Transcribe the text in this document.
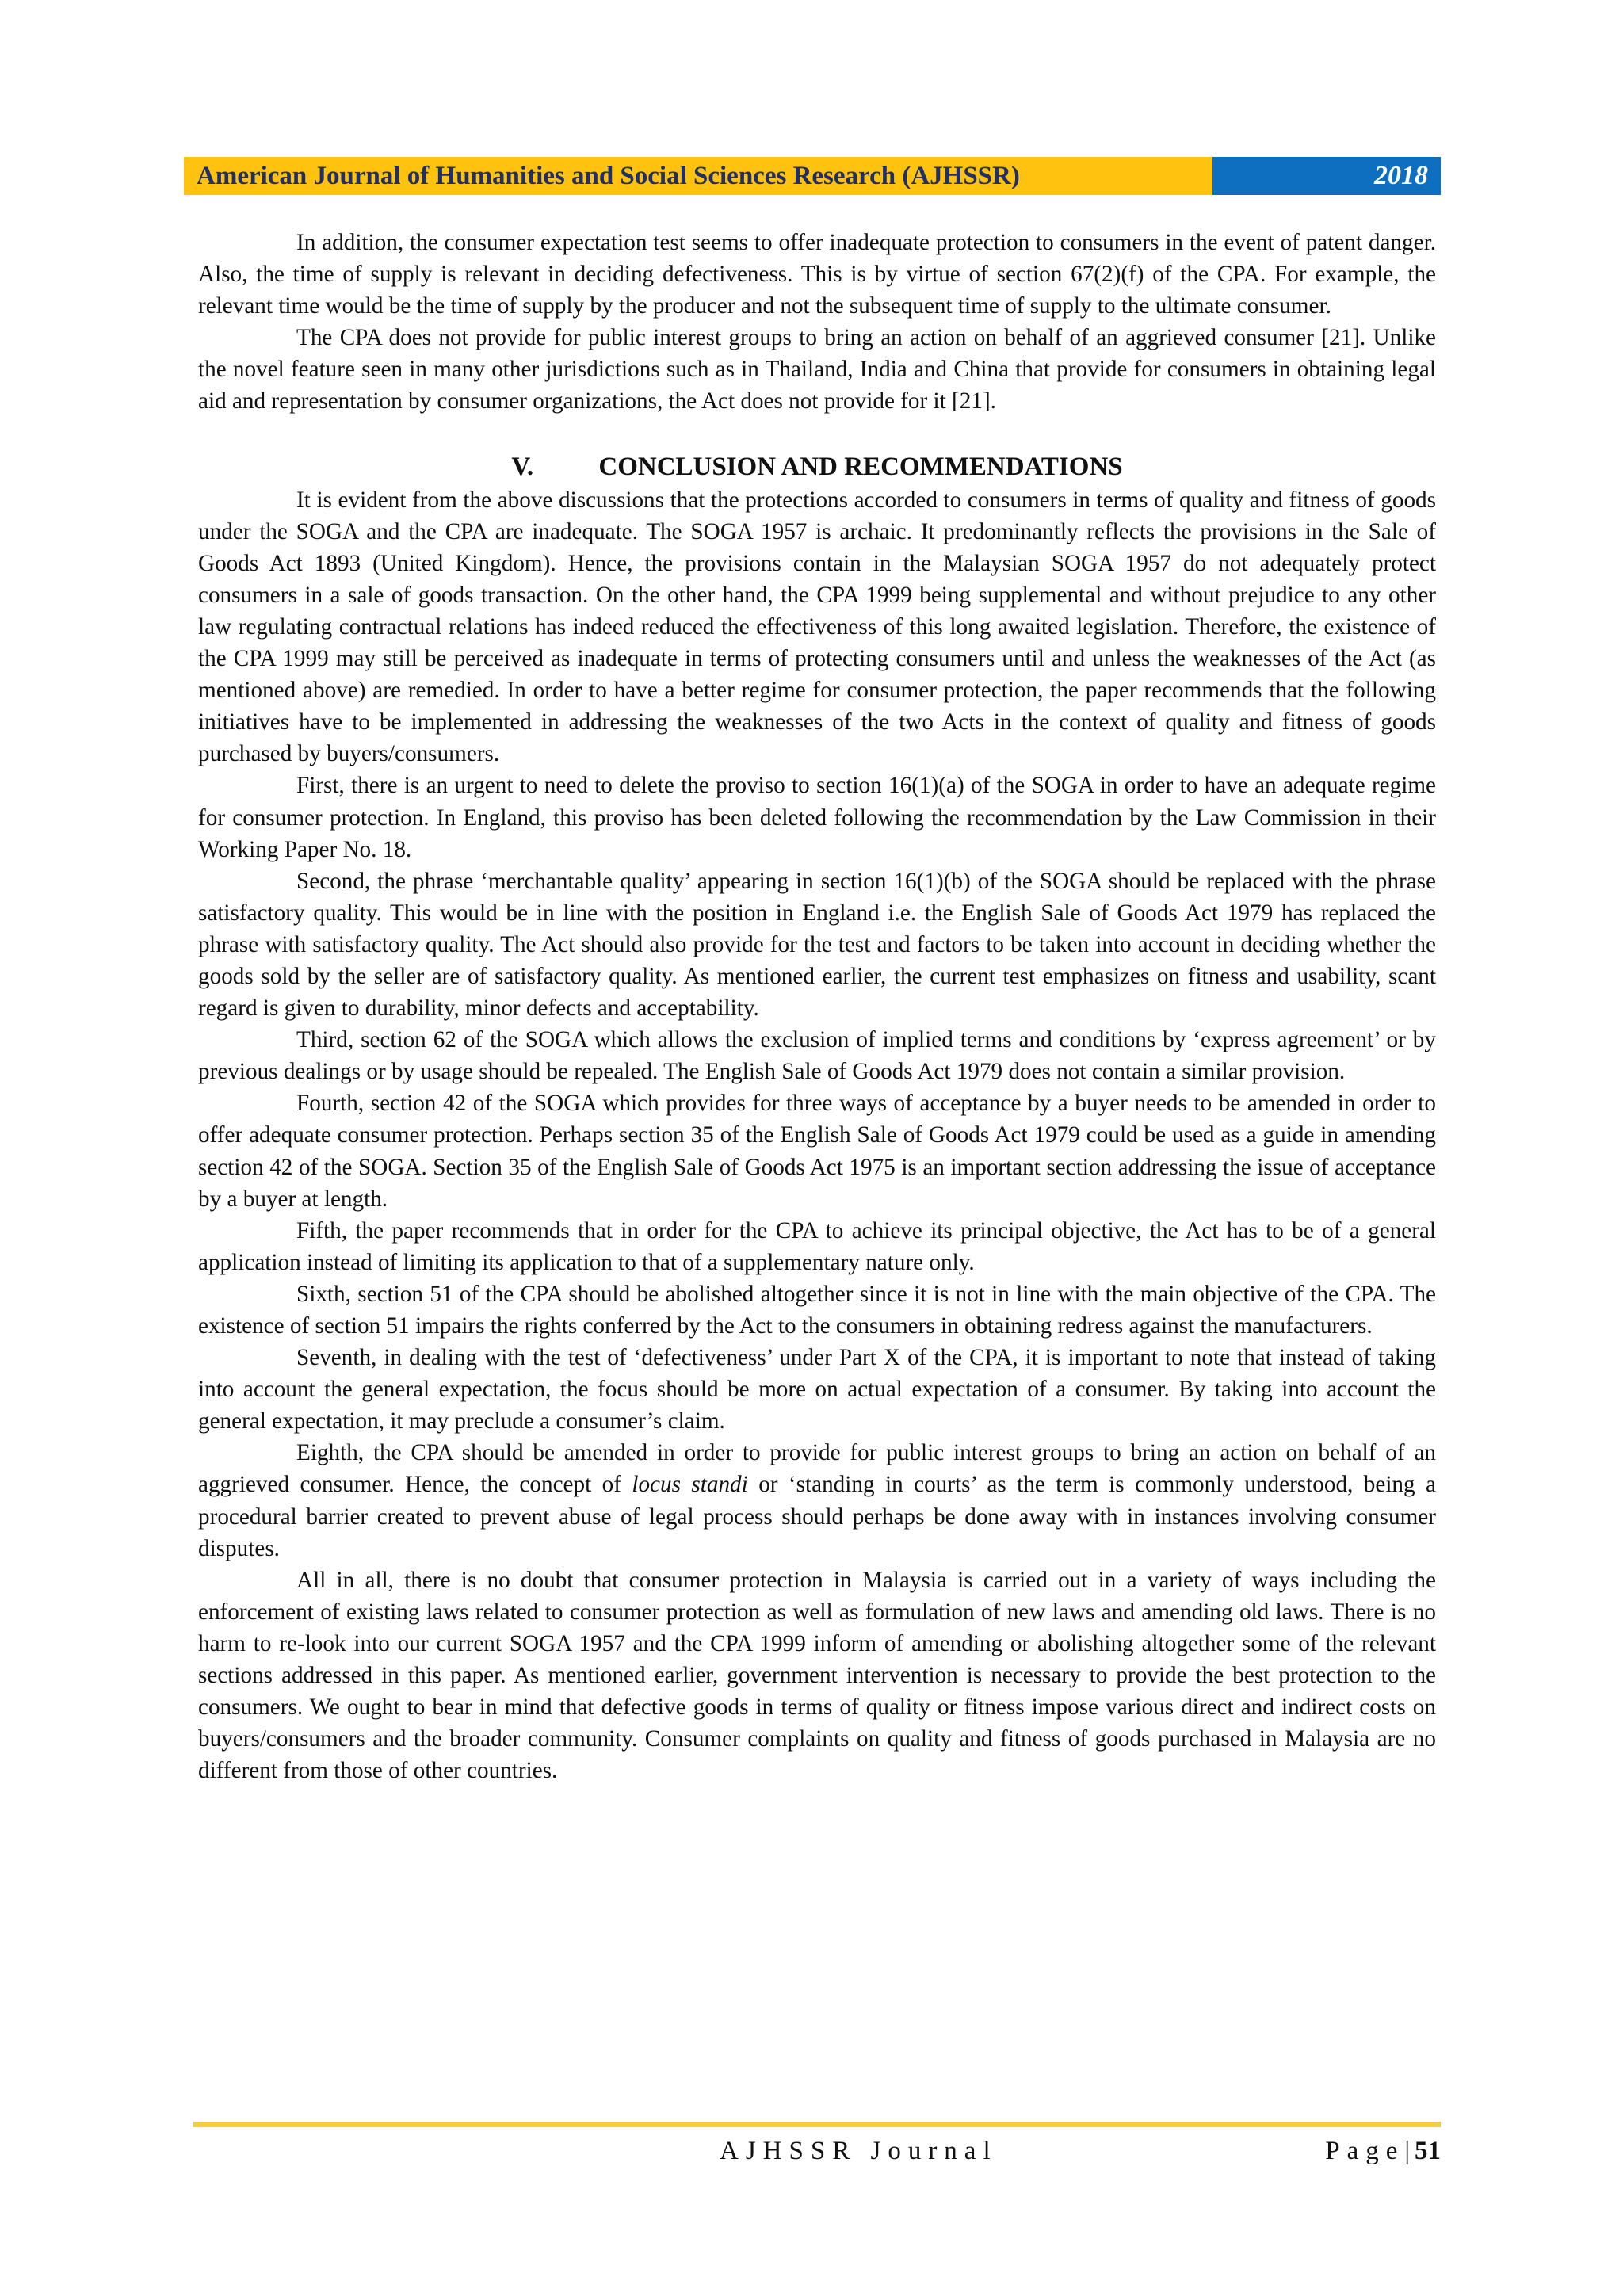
American Journal of Humanities and Social Sciences Research (AJHSSR)	2018

In addition, the consumer expectation test seems to offer inadequate protection to consumers in the event of patent danger. Also, the time of supply is relevant in deciding defectiveness. This is by virtue of section 67(2)(f) of the CPA. For example, the relevant time would be the time of supply by the producer and not the subsequent time of supply to the ultimate consumer.

The CPA does not provide for public interest groups to bring an action on behalf of an aggrieved consumer [21]. Unlike the novel feature seen in many other jurisdictions such as in Thailand, India and China that provide for consumers in obtaining legal aid and representation by consumer organizations, the Act does not provide for it [21].

V.	CONCLUSION AND RECOMMENDATIONS

It is evident from the above discussions that the protections accorded to consumers in terms of quality and fitness of goods under the SOGA and the CPA are inadequate. The SOGA 1957 is archaic. It predominantly reflects the provisions in the Sale of Goods Act 1893 (United Kingdom). Hence, the provisions contain in the Malaysian SOGA 1957 do not adequately protect consumers in a sale of goods transaction. On the other hand, the CPA 1999 being supplemental and without prejudice to any other law regulating contractual relations has indeed reduced the effectiveness of this long awaited legislation. Therefore, the existence of the CPA 1999 may still be perceived as inadequate in terms of protecting consumers until and unless the weaknesses of the Act (as mentioned above) are remedied. In order to have a better regime for consumer protection, the paper recommends that the following initiatives have to be implemented in addressing the weaknesses of the two Acts in the context of quality and fitness of goods purchased by buyers/consumers.

First, there is an urgent to need to delete the proviso to section 16(1)(a) of the SOGA in order to have an adequate regime for consumer protection. In England, this proviso has been deleted following the recommendation by the Law Commission in their Working Paper No. 18.

Second, the phrase ‘merchantable quality’ appearing in section 16(1)(b) of the SOGA should be replaced with the phrase satisfactory quality. This would be in line with the position in England i.e. the English Sale of Goods Act 1979 has replaced the phrase with satisfactory quality. The Act should also provide for the test and factors to be taken into account in deciding whether the goods sold by the seller are of satisfactory quality. As mentioned earlier, the current test emphasizes on fitness and usability, scant regard is given to durability, minor defects and acceptability.

Third, section 62 of the SOGA which allows the exclusion of implied terms and conditions by ‘express agreement’ or by previous dealings or by usage should be repealed. The English Sale of Goods Act 1979 does not contain a similar provision.

Fourth, section 42 of the SOGA which provides for three ways of acceptance by a buyer needs to be amended in order to offer adequate consumer protection. Perhaps section 35 of the English Sale of Goods Act 1979 could be used as a guide in amending section 42 of the SOGA. Section 35 of the English Sale of Goods Act 1975 is an important section addressing the issue of acceptance by a buyer at length.

Fifth, the paper recommends that in order for the CPA to achieve its principal objective, the Act has to be of a general application instead of limiting its application to that of a supplementary nature only.

Sixth, section 51 of the CPA should be abolished altogether since it is not in line with the main objective of the CPA. The existence of section 51 impairs the rights conferred by the Act to the consumers in obtaining redress against the manufacturers.

Seventh, in dealing with the test of ‘defectiveness’ under Part X of the CPA, it is important to note that instead of taking into account the general expectation, the focus should be more on actual expectation of a consumer. By taking into account the general expectation, it may preclude a consumer’s claim.

Eighth, the CPA should be amended in order to provide for public interest groups to bring an action on behalf of an aggrieved consumer. Hence, the concept of locus standi or ‘standing in courts’ as the term is commonly understood, being a procedural barrier created to prevent abuse of legal process should perhaps be done away with in instances involving consumer disputes.

All in all, there is no doubt that consumer protection in Malaysia is carried out in a variety of ways including the enforcement of existing laws related to consumer protection as well as formulation of new laws and amending old laws. There is no harm to re-look into our current SOGA 1957 and the CPA 1999 inform of amending or abolishing altogether some of the relevant sections addressed in this paper. As mentioned earlier, government intervention is necessary to provide the best protection to the consumers. We ought to bear in mind that defective goods in terms of quality or fitness impose various direct and indirect costs on buyers/consumers and the broader community. Consumer complaints on quality and fitness of goods purchased in Malaysia are no different from those of other countries.

AJHSSR Journal	Page| 51
